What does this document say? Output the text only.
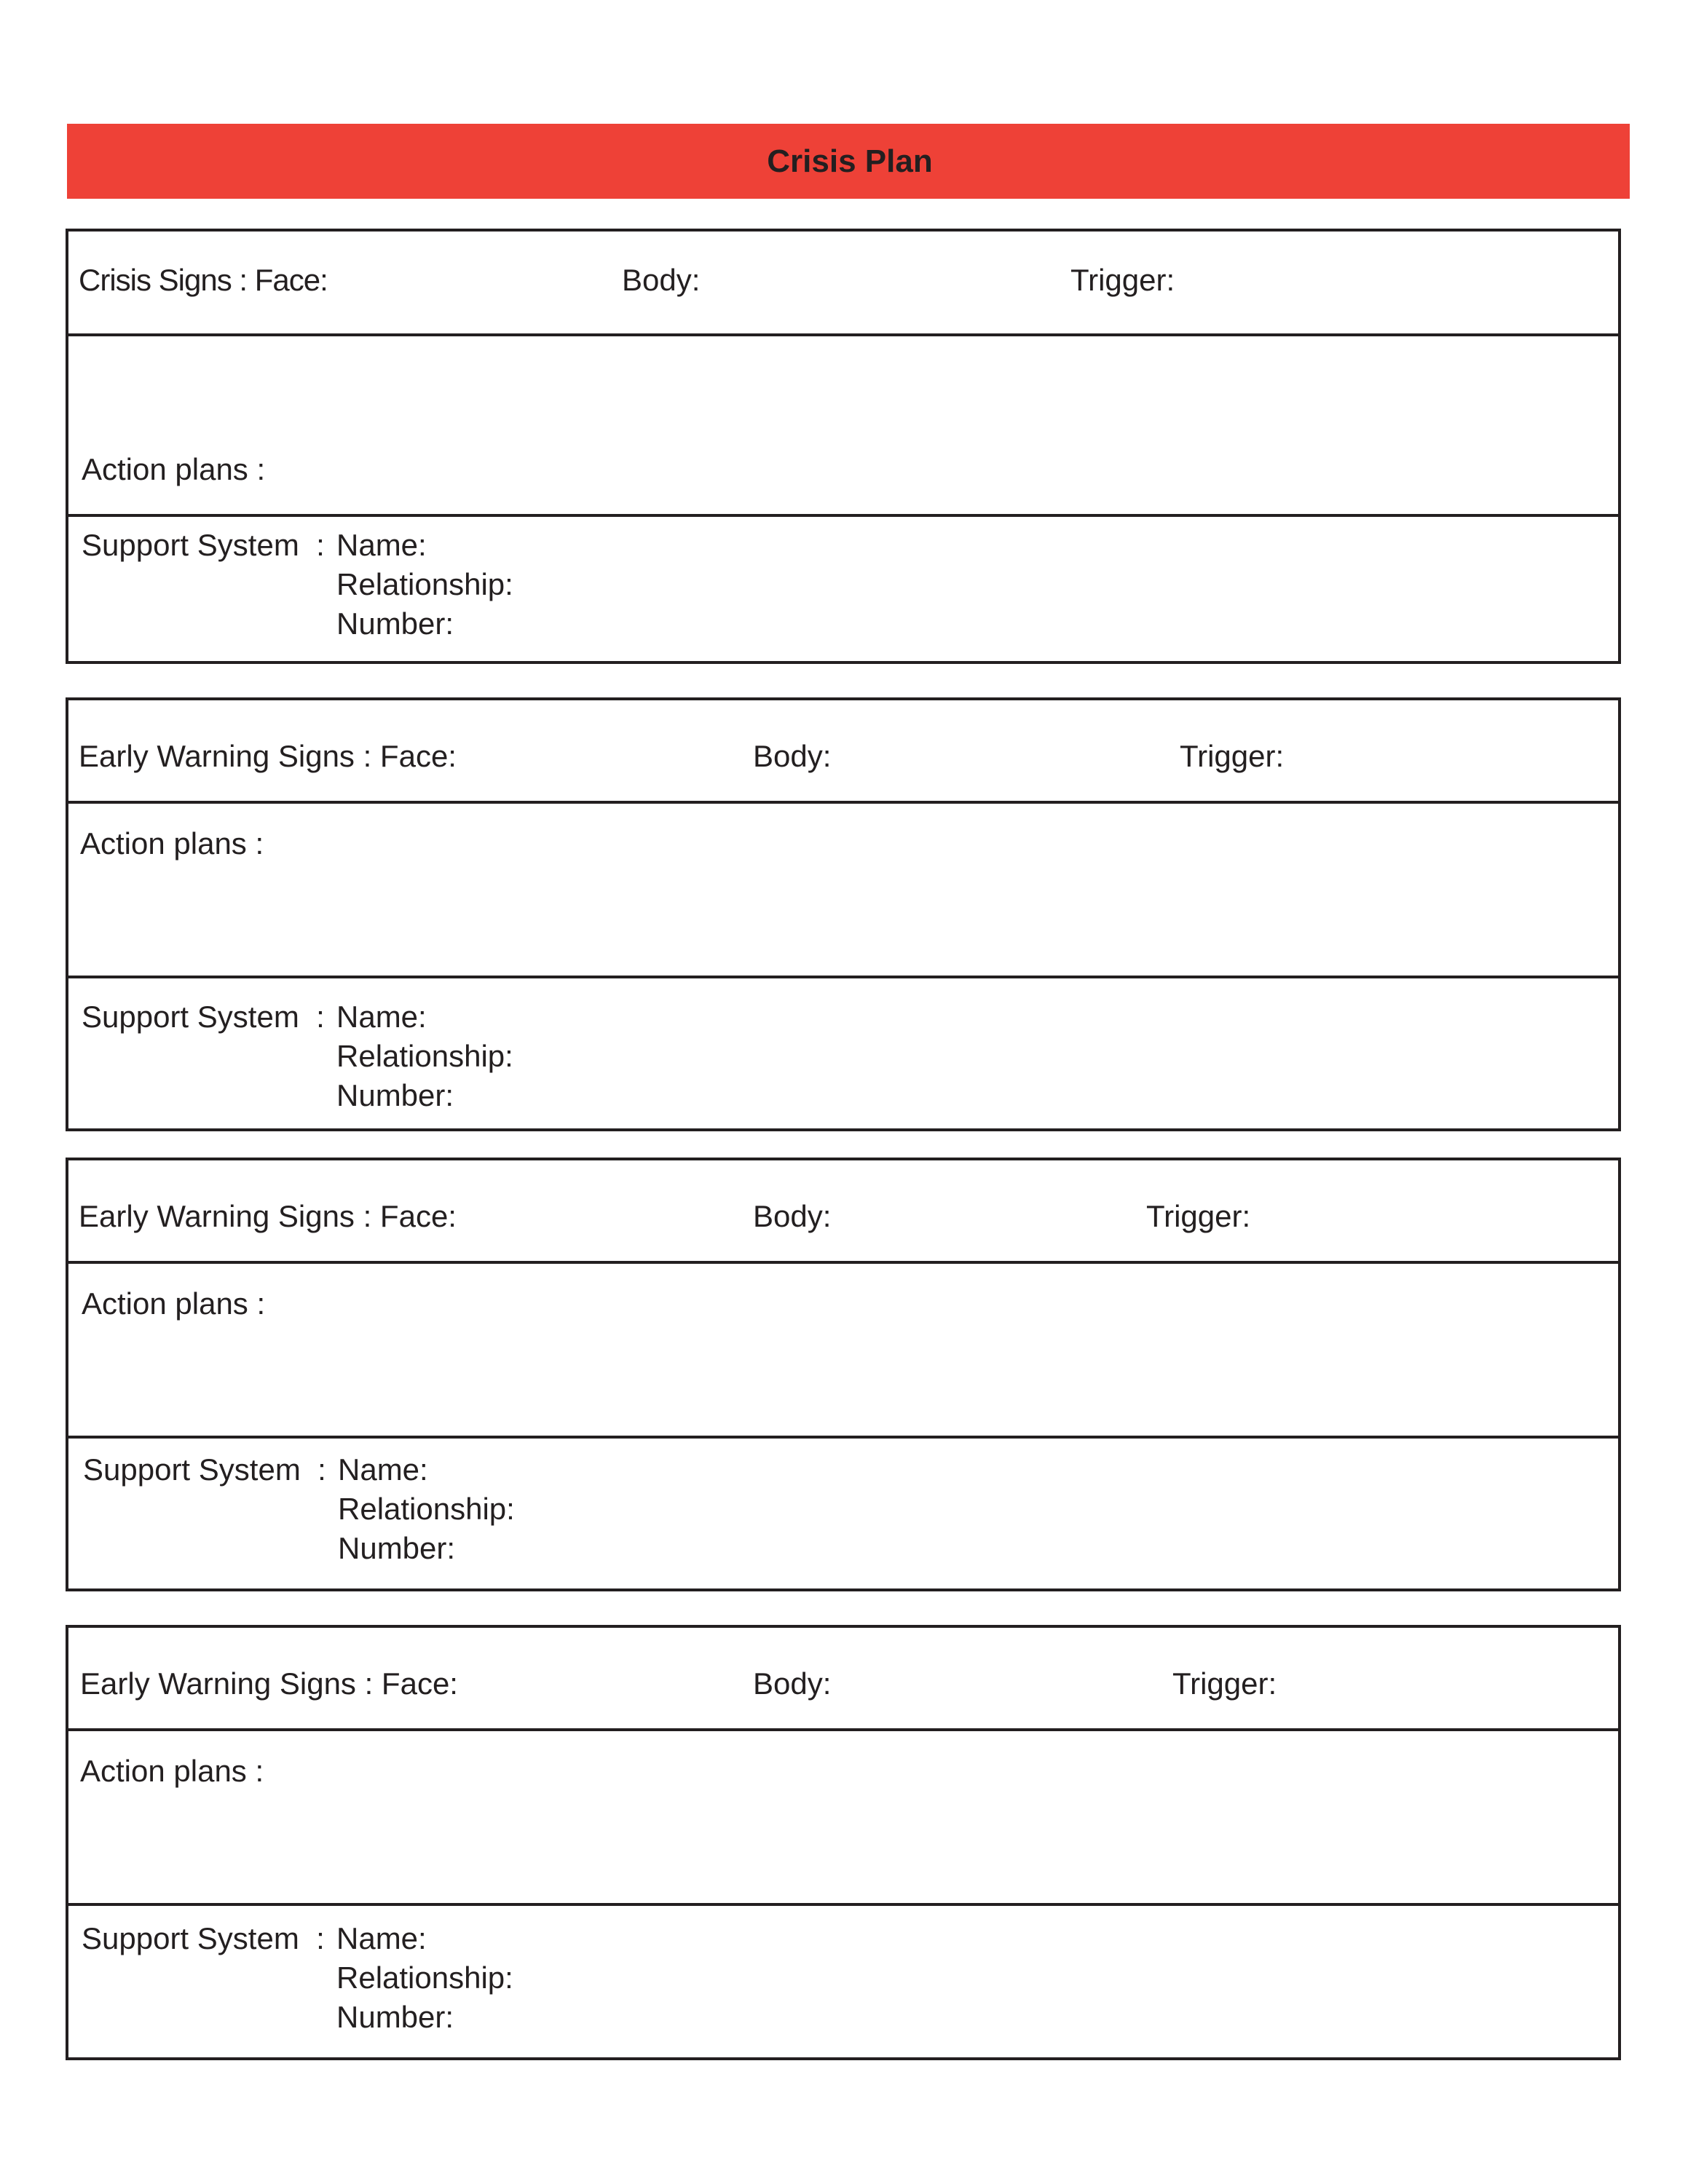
Crisis Plan
Crisis Signs : Face:	Body:	Trigger:
Action plans :
Support System  : Name:
Relationship:
Number:
Early Warning Signs : Face:	Body:	Trigger:
Action plans :
Support System  : Name:
Relationship:
Number:
Early Warning Signs : Face:	Body:	Trigger:
Action plans :
Support System  : Name:
Relationship:
Number:
Early Warning Signs : Face:	Body:	Trigger:
Action plans :
Support System  : Name:
Relationship:
Number:
